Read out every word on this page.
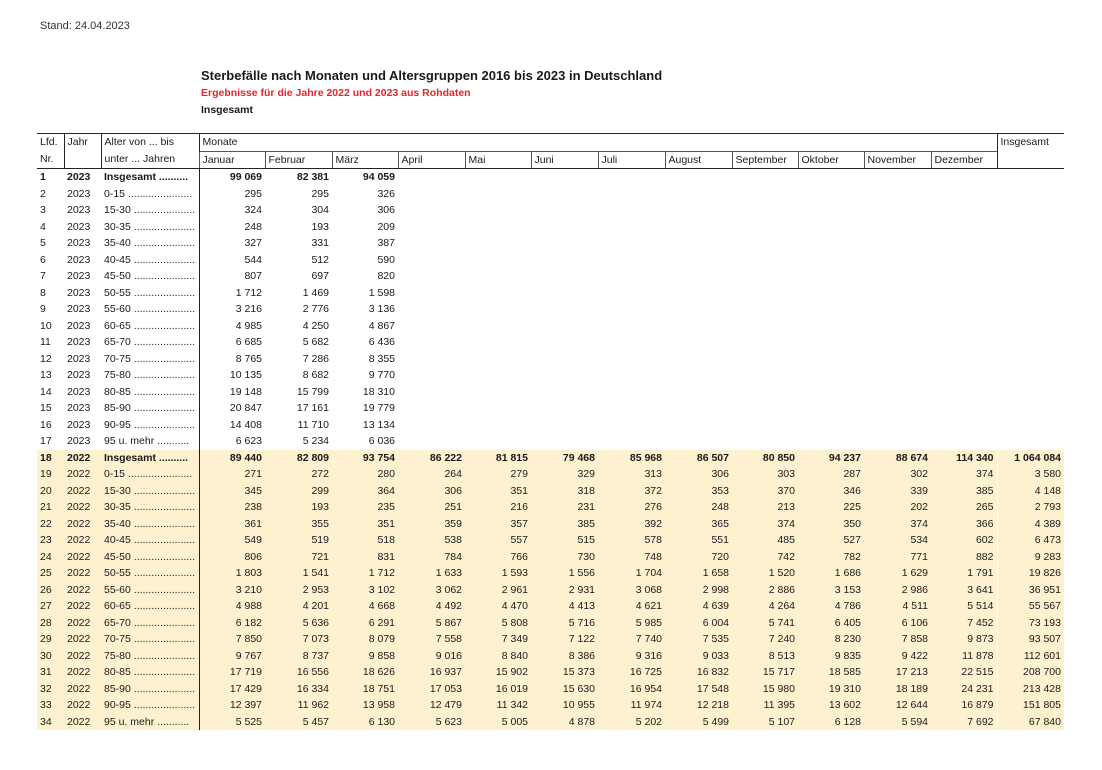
Stand: 24.04.2023
Sterbefälle nach Monaten und Altersgruppen 2016 bis 2023 in Deutschland
Ergebnisse für die Jahre 2022 und 2023 aus Rohdaten
Insgesamt
Lfd.	Jahr	Alter von ... bis	Monate												Insgesamt
Nr.		unter ... Jahren	Januar	Februar	März	April	Mai	Juni	Juli	August	September	Oktober	November	Dezember	
1	2023	Insgesamt ..........	99 069	82 381	94 059										
2	2023	0-15 ......................	295	295	326										
3	2023	15-30 .....................	324	304	306										
4	2023	30-35 .....................	248	193	209										
5	2023	35-40 .....................	327	331	387										
6	2023	40-45 .....................	544	512	590										
7	2023	45-50 .....................	807	697	820										
8	2023	50-55 .....................	1 712	1 469	1 598										
9	2023	55-60 .....................	3 216	2 776	3 136										
10	2023	60-65 .....................	4 985	4 250	4 867										
11	2023	65-70 .....................	6 685	5 682	6 436										
12	2023	70-75 .....................	8 765	7 286	8 355										
13	2023	75-80 .....................	10 135	8 682	9 770										
14	2023	80-85 .....................	19 148	15 799	18 310										
15	2023	85-90 .....................	20 847	17 161	19 779										
16	2023	90-95 .....................	14 408	11 710	13 134										
17	2023	95 u. mehr ...........	6 623	5 234	6 036										
18	2022	Insgesamt ..........	89 440	82 809	93 754	86 222	81 815	79 468	85 968	86 507	80 850	94 237	88 674	114 340	1 064 084
19	2022	0-15 ......................	271	272	280	264	279	329	313	306	303	287	302	374	3 580
20	2022	15-30 .....................	345	299	364	306	351	318	372	353	370	346	339	385	4 148
21	2022	30-35 .....................	238	193	235	251	216	231	276	248	213	225	202	265	2 793
22	2022	35-40 .....................	361	355	351	359	357	385	392	365	374	350	374	366	4 389
23	2022	40-45 .....................	549	519	518	538	557	515	578	551	485	527	534	602	6 473
24	2022	45-50 .....................	806	721	831	784	766	730	748	720	742	782	771	882	9 283
25	2022	50-55 .....................	1 803	1 541	1 712	1 633	1 593	1 556	1 704	1 658	1 520	1 686	1 629	1 791	19 826
26	2022	55-60 .....................	3 210	2 953	3 102	3 062	2 961	2 931	3 068	2 998	2 886	3 153	2 986	3 641	36 951
27	2022	60-65 .....................	4 988	4 201	4 668	4 492	4 470	4 413	4 621	4 639	4 264	4 786	4 511	5 514	55 567
28	2022	65-70 .....................	6 182	5 636	6 291	5 867	5 808	5 716	5 985	6 004	5 741	6 405	6 106	7 452	73 193
29	2022	70-75 .....................	7 850	7 073	8 079	7 558	7 349	7 122	7 740	7 535	7 240	8 230	7 858	9 873	93 507
30	2022	75-80 .....................	9 767	8 737	9 858	9 016	8 840	8 386	9 316	9 033	8 513	9 835	9 422	11 878	112 601
31	2022	80-85 .....................	17 719	16 556	18 626	16 937	15 902	15 373	16 725	16 832	15 717	18 585	17 213	22 515	208 700
32	2022	85-90 .....................	17 429	16 334	18 751	17 053	16 019	15 630	16 954	17 548	15 980	19 310	18 189	24 231	213 428
33	2022	90-95 .....................	12 397	11 962	13 958	12 479	11 342	10 955	11 974	12 218	11 395	13 602	12 644	16 879	151 805
34	2022	95 u. mehr ...........	5 525	5 457	6 130	5 623	5 005	4 878	5 202	5 499	5 107	6 128	5 594	7 692	67 840
